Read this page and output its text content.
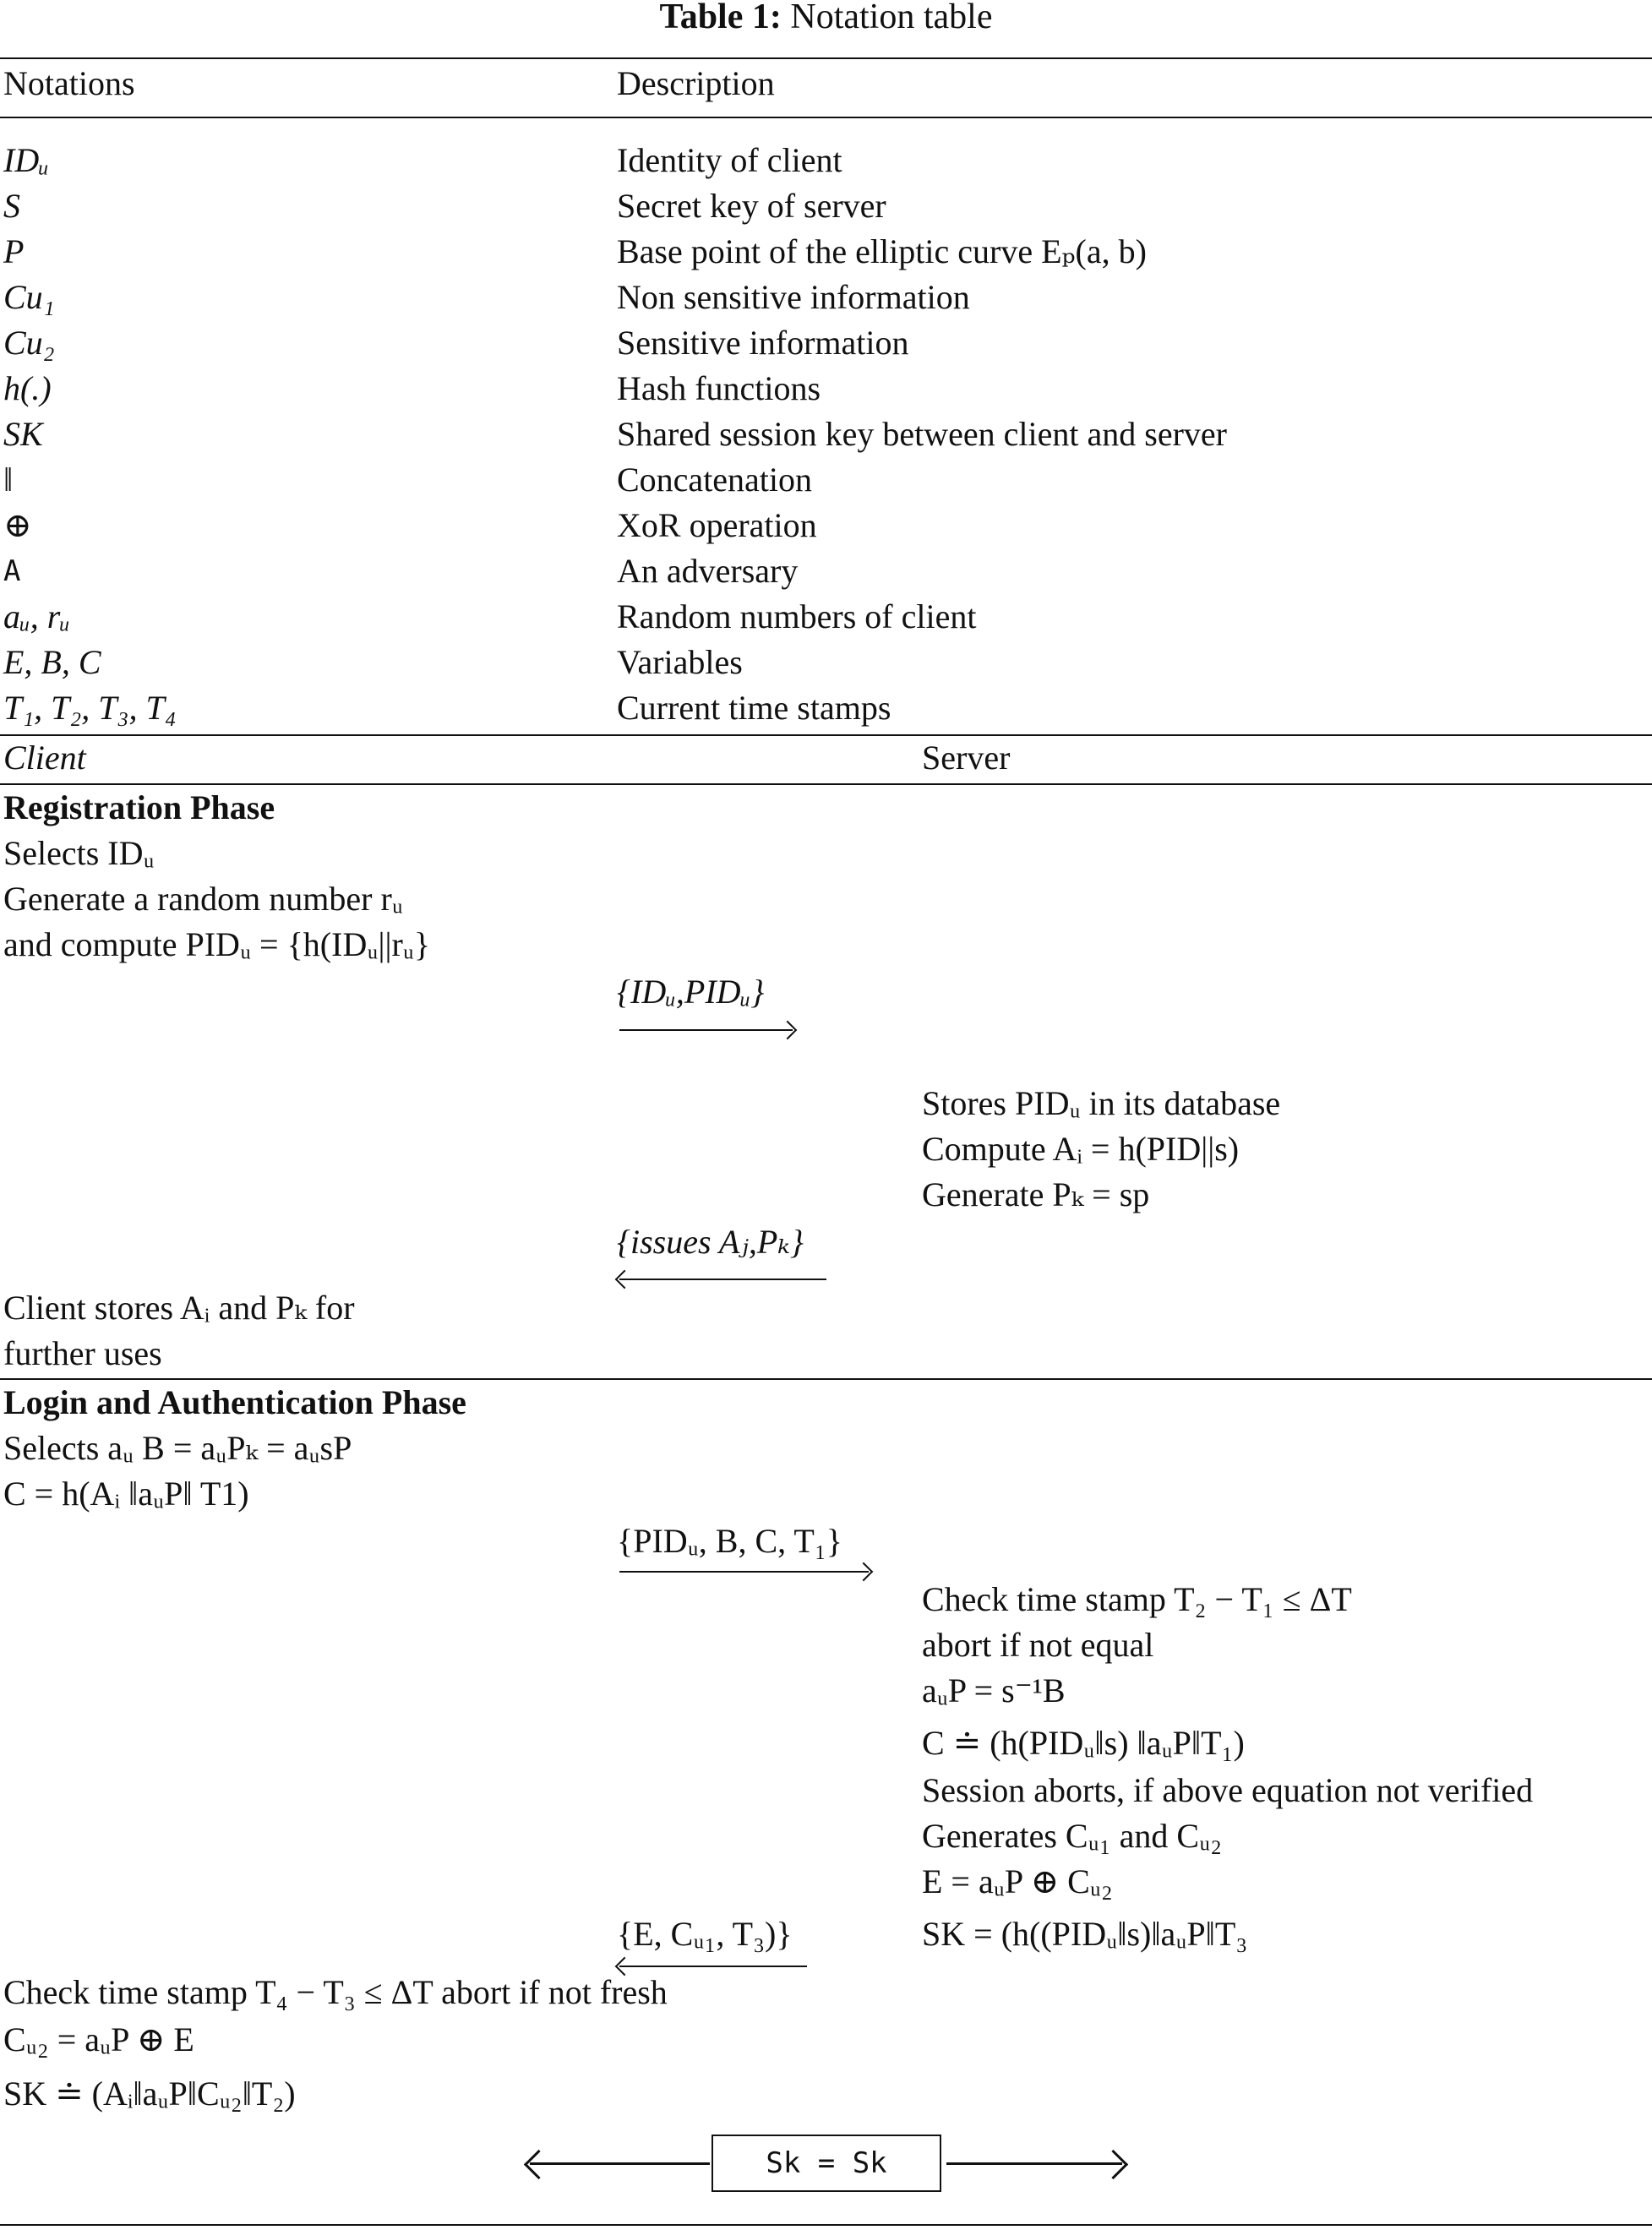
Table 1: Notation table
Notations	Description
IDᵤ	Identity of client
S	Secret key of server
P	Base point of the elliptic curve Eₚ(a, b)
Cu₁	Non sensitive information
Cu₂	Sensitive information
h(.)	Hash functions
SK	Shared session key between client and server
‖	Concatenation
⊕	XoR operation
A	An adversary
aᵤ, rᵤ	Random numbers of client
E, B, C	Variables
T₁, T₂, T₃, T₄	Current time stamps
Client	Server
Registration Phase
Selects IDᵤ
Generate a random number rᵤ
and compute PIDᵤ = {h(IDᵤ||rᵤ}
{IDᵤ,PIDᵤ}
Stores PIDᵤ in its database
Compute Aᵢ = h(PID||s)
Generate Pₖ = sp
{issues Aⱼ,Pₖ}
Client stores Aᵢ and Pₖ for
further uses
Login and Authentication Phase
Selects aᵤ B = aᵤPₖ = aᵤsP
C = h(Aᵢ ‖aᵤP‖ T1)
{PIDᵤ, B, C, T₁}
Check time stamp T₂ − T₁ ≤ ΔT
abort if not equal
aᵤP = s⁻¹B
C ≐ (h(PIDᵤ‖s) ‖aᵤP‖T₁)
Session aborts, if above equation not verified
Generates Cᵤ₁ and Cᵤ₂
E = aᵤP ⊕ Cᵤ₂
SK = (h((PIDᵤ‖s)‖aᵤP‖T₃
{E, Cᵤ₁, T₃)}
Check time stamp T₄ − T₃ ≤ ΔT abort if not fresh
Cᵤ₂ = aᵤP ⊕ E
SK ≐ (Aᵢ‖aᵤP‖Cᵤ₂‖T₂)
Sk = Sk
